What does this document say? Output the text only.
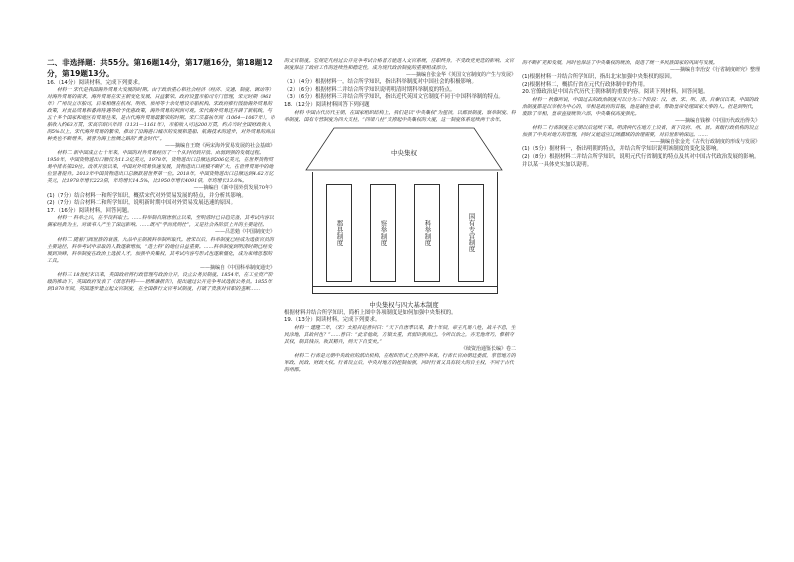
二、非选择题：共55分。第16题14分，第17题16分，第18题12分，第19题13分。

16.（14分）阅读材料，完成下列要求。

材料一 宋代是我国海外贸易大发展的时期。由于政治重心和社会经济（经济、交通、制度、调动等）对海外贸易的需求，海外贸易在宋王朝变化发展、日益繁荣。政府设置市舶司专门管理，宋元时期（961年）广州设立市舶司，后来相继在杭州、明州、泉州等十余处增设市舶机构。宋政府推行鼓励海外贸易的政策，对贡品贸易和番商待遇等给予优惠政策，海外贸易的利润可观。宋代海外贸易还开辟了新航线，与五十多个国家和地区有贸易往来，是古代海外贸易最繁荣的时期。宋仁宗嘉祐年间（1064—1067年），市舶收入约63万贯，宋高宗绍兴年间（1131—1161年），市舶收入可达200万贯，约占当时全国财政收入的5%以上，宋代海外贸易的繁荣，推动了沿海港口城市的发展和造船、航海技术的进步，对外贸易的商品种类也不断增多，被誉为海上丝绸之路的“黄金时代”。

——摘编自王晓《两宋海外贸易发展的社会基础》

材料二 新中国成立七十年来，中国的对外贸易经历了一个从封闭到开放、由弱到强的发展过程。1950年，中国货物进出口额仅为11.3亿美元，1978年，货物进出口总额达到206亿美元，在世界货物贸易中排名第29位。改革开放以来，中国对外贸易快速发展，货物进出口规模不断扩大，在世界贸易中的地位显著提升。2013年中国货物进出口总额跃居世界第一位。2018年，中国货物进出口总额达到4.62万亿美元，比1978年增长223倍，年均增长14.5%，比1950年增长4091倍，年均增长13.0%。

——摘编自《新中国外贸发展70年》

(1)（7分）结合材料一和所学知识，概括宋代对外贸易发展的特点，并分析其影响。

(2)（7分）结合材料二和所学知识，说明新时期中国对外贸易发展迅速的原因。

17.（16分）阅读材料，回答问题。

材料一 科举之兴，在乎设科取士。……科举制自隋唐创立以来，至明清时已日趋完备，其考试内容以儒家经典为主，对读书人产生了深远影响。……既可“学而优则仕”，又是社会各阶层上升的主要途径。

——吕思勉《中国制度史》

材料二 随着门阀世族的衰落，九品中正制被科举制所取代。唐宋以后，科举制度已经成为选拔官员的主要途径，科举考试中录取的人数逐渐增加，“进士科”的地位日益重要。……科举制度到明清时期已经发展到顶峰，科举制度在政治上选拔人才，加强中央集权，其考试内容与形式也逐渐僵化，成为束缚思想的工具。

——摘编自《中国科举制度通史》

材料三 18世纪末以来，英国政府将行政管理与政治分开，设立公务员制度。1854年，在工业资产阶级的推动下，英国政府发表了《诺思科特——屈维廉报告》，提出通过公开竞争考试选拔公务员。1855年到1870年间，英国逐步建立起文官制度，在全国推行文官考试制度，打破了贵族对官职的垄断……

的文官制度。它规定凡经过公开竞争考试合格者方能进入文官系统，任职终身，不受政党更迭的影响。文官制度保证了政府工作的连续性和稳定性，成为现代政治制度的重要组成部分。

——摘编自张金华《英国文官制度的产生与发展》

（1）（4分）根据材料一，结合所学知识，指出科举制度对中国社会的积极影响。

（2）（6分）根据材料二并结合所学知识说明明清时期科举制度的特点。

（3）（6分）根据材料三并结合所学知识，指出近代英国文官制度不同于中国科举制的特点。

18.（12分）阅读材料回答下列问题

材料 中国古代历代王朝，在国家组织结构上，我们是以“中央集权”为屋顶，以郡县制度、察举制度、科举制度、国有专营制度为四大支柱，“四梁八柱”支撑起中央集权的大厦，这一制度体系延续两千余年。

中央集权
郡县制度	察举制度	科举制度	国有专营制度
中央集权与四大基本制度

根据材料并结合所学知识，简析上图中各项制度是如何加强中央集权的。

19.（13分）阅读材料，完成下列要求。

材料一 建隆二年，（宋）太祖召赵普问曰：“天下自唐季以来，数十年间，帝王凡易八姓，战斗不息，生民涂地，其故何也？”……普曰：“此非他故，方镇太重，君弱臣强而已。今所以治之，亦无他奇巧，惟稍夺其权，制其钱谷，收其精兵，则天下自安矣。”

《续资治通鉴长编》卷二

材料二 行省是元朝中央政府的派出机构，在组织形式上仿照中书省。行省长官由朝廷委派，掌管地方的军政、民政、财政大权。行省设立后，中央对地方的控制加强，同时行省又具有较大的自主权，不同于古代的州郡。

的不断扩充和发展，同时也保证了中央集权的统治，促进了统一多民族国家的巩固与发展。

——摘编自李治安《行省制度研究》整理

(1)根据材料一并结合所学知识，指出北宋加强中央集权的原因。

(2)根据材料二，概括行省在元代行政体制中的作用。

20.官僚政治是中国古代历代王朝体制的重要内容。阅读下列材料，回答问题。

材料一 秋修所说，中国过去的政治制度可以分为三个阶段：汉、唐、宋、明、清。自秦汉以来，中国的政治制度都是以宰相为中心的，宰相是政府的首脑，他是辅佐皇帝，帮助皇帝处理国家大事的人。但是到明代，废除了宰相，皇帝直接统领六部，中央集权高度强化。

——摘编自钱穆《中国历代政治得失》

材料二 行省制度在元朝以后延续下来。明清两代在地方上设省，省下设府、州、县。省级行政机构的设立加强了中央对地方的管理，同时又能适应辽阔疆域的治理需要，对后世影响深远。……

——摘编自张金光《古代行政制度的形成与发展》

(1)（5分）据材料一，指出明朝的特点，并结合所学知识说明该制度的变化及影响。

(2)（8分）根据材料二并结合所学知识，说明元代行省制度的特点及其对中国古代政治发展的影响。并以某一具体史实加以说明。
